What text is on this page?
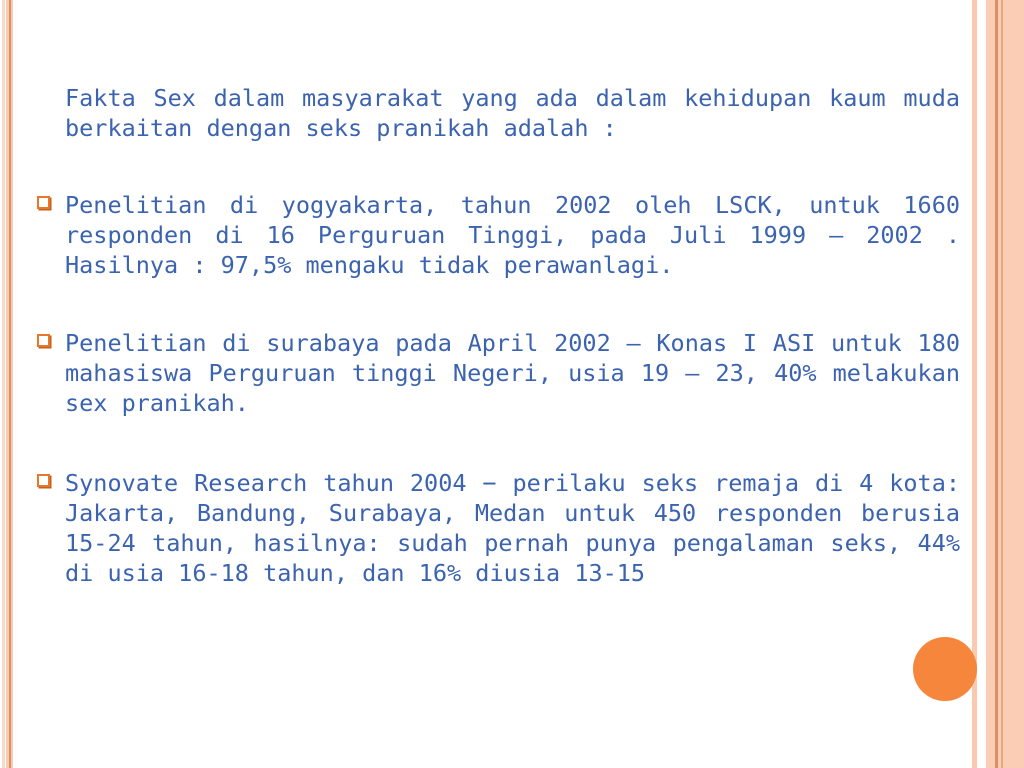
Fakta Sex dalam masyarakat yang ada dalam kehidupan kaum muda
berkaitan dengan seks pranikah adalah :
Penelitian di yogyakarta, tahun 2002 oleh LSCK, untuk 1660
responden di 16 Perguruan Tinggi, pada Juli 1999 – 2002 .
Hasilnya : 97,5% mengaku tidak perawanlagi.
Penelitian di surabaya pada April 2002 – Konas I ASI untuk 180
mahasiswa Perguruan tinggi Negeri, usia 19 – 23, 40% melakukan
sex pranikah.
Synovate Research tahun 2004 − perilaku seks remaja di 4 kota:
Jakarta, Bandung, Surabaya, Medan untuk 450 responden berusia
15-24 tahun, hasilnya: sudah pernah punya pengalaman seks, 44%
di usia 16-18 tahun, dan 16% diusia 13-15
